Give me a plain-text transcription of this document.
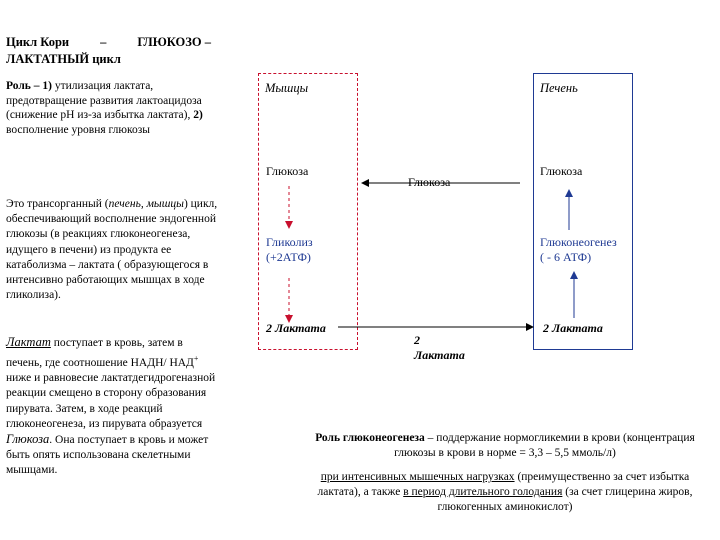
Цикл Кори – ГЛЮКОЗО –
ЛАКТАТНЫЙ цикл
Роль – 1) утилизация лактата, предотвращение развития лактоацидоза (снижение рН из-за избытка лактата), 2) восполнение уровня глюкозы
Это трансорганный (печень, мышцы) цикл, обеспечивающий восполнение эндогенной глюкозы (в реакциях глюконеогенеза, идущего в печени) из продукта ее катаболизма – лактата ( образующегося в интенсивно работающих мышцах в ходе гликолиза).
Лактат поступает в кровь, затем в печень, где соотношение НАДН/ НАД+ ниже и равновесие лактатдегидрогеназной реакции смещено в сторону образования пирувата. Затем, в ходе реакций глюконеогенеза, из пирувата образуется Глюкоза. Она поступает в кровь и может быть опять использована скелетными мышцами.
Мышцы	Печень
Глюкоза
Глюкоза
Глюкоза
Гликолиз
(+2АТФ)
Глюконеогенез
( - 6 АТФ)
2 Лактата
2
Лактата
2 Лактата
Роль глюконеогенеза – поддержание нормогликемии в крови (концентрация глюкозы в крови в норме = 3,3 – 5,5 ммоль/л)
при интенсивных мышечных нагрузках (преимущественно за счет избытка лактата), а также в период длительного голодания (за счет глицерина жиров, глюкогенных аминокислот)
